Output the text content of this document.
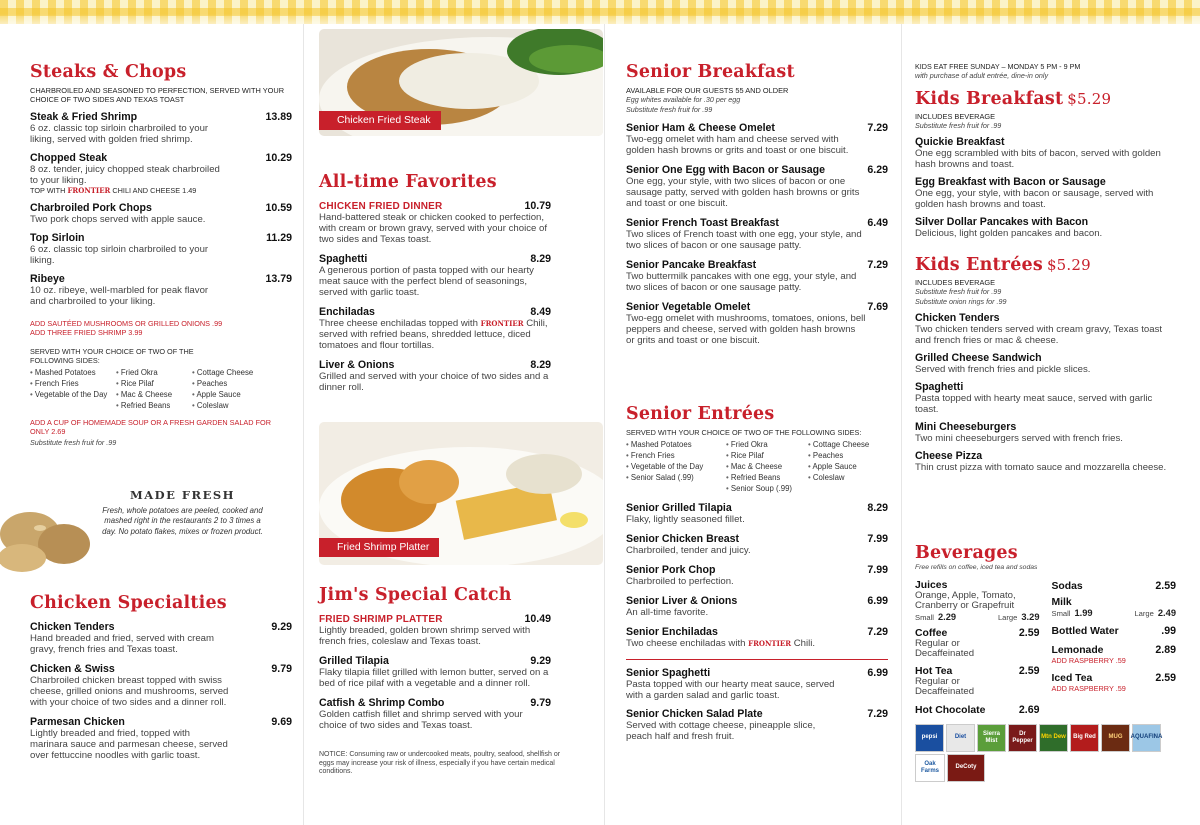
Steaks & Chops
CHARBROILED AND SEASONED TO PERFECTION, SERVED WITH YOUR CHOICE OF TWO SIDES AND TEXAS TOAST
Steak & Fried Shrimp	13.89
6 oz. classic top sirloin charbroiled to your liking, served with golden fried shrimp.
Chopped Steak	10.29
8 oz. tender, juicy chopped steak charbroiled to your liking.
TOP WITH FRONTIER CHILI AND CHEESE 1.49
Charbroiled Pork Chops	10.59
Two pork chops served with apple sauce.
Top Sirloin	11.29
6 oz. classic top sirloin charbroiled to your liking.
Ribeye	13.79
10 oz. ribeye, well-marbled for peak flavor and charbroiled to your liking.
ADD SAUTÉED MUSHROOMS OR GRILLED ONIONS .99
ADD THREE FRIED SHRIMP 3.99
SERVED WITH YOUR CHOICE OF TWO OF THE FOLLOWING SIDES:
• Mashed Potatoes	• Fried Okra	• Cottage Cheese
• French Fries	• Rice Pilaf	• Peaches
• Vegetable of the Day	• Mac & Cheese	• Apple Sauce
• Refried Beans	• Coleslaw
ADD A CUP OF HOMEMADE SOUP OR A FRESH GARDEN SALAD FOR ONLY 2.69
Substitute fresh fruit for .99
MADE FRESH
Fresh, whole potatoes are peeled, cooked and mashed right in the restaurants 2 to 3 times a day. No potato flakes, mixes or frozen product.
Chicken Specialties
Chicken Tenders	9.29
Hand breaded and fried, served with cream gravy, french fries and Texas toast.
Chicken & Swiss	9.79
Charbroiled chicken breast topped with swiss cheese, grilled onions and mushrooms, served with your choice of two sides and a dinner roll.
Parmesan Chicken	9.69
Lightly breaded and fried, topped with marinara sauce and parmesan cheese, served over fettuccine noodles with garlic toast.
Chicken Fried Steak
All-time Favorites
CHICKEN FRIED DINNER	10.79
Hand-battered steak or chicken cooked to perfection, with cream or brown gravy, served with your choice of two sides and Texas toast.
Spaghetti	8.29
A generous portion of pasta topped with our hearty meat sauce with the perfect blend of seasonings, served with garlic toast.
Enchiladas	8.49
Three cheese enchiladas topped with FRONTIER Chili, served with refried beans, shredded lettuce, diced tomatoes and flour tortillas.
Liver & Onions	8.29
Grilled and served with your choice of two sides and a dinner roll.
Fried Shrimp Platter
Jim's Special Catch
FRIED SHRIMP PLATTER	10.49
Lightly breaded, golden brown shrimp served with french fries, coleslaw and Texas toast.
Grilled Tilapia	9.29
Flaky tilapia fillet grilled with lemon butter, served on a bed of rice pilaf with a vegetable and a dinner roll.
Catfish & Shrimp Combo	9.79
Golden catfish fillet and shrimp served with your choice of two sides and Texas toast.
NOTICE: Consuming raw or undercooked meats, poultry, seafood, shellfish or eggs may increase your risk of illness, especially if you have certain medical conditions.
Senior Breakfast
AVAILABLE FOR OUR GUESTS 55 AND OLDER
Egg whites available for .30 per egg
Substitute fresh fruit for .99
Senior Ham & Cheese Omelet	7.29
Two-egg omelet with ham and cheese served with golden hash browns or grits and toast or one biscuit.
Senior One Egg with Bacon or Sausage	6.29
One egg, your style, with two slices of bacon or one sausage patty, served with golden hash browns or grits and toast or one biscuit.
Senior French Toast Breakfast	6.49
Two slices of French toast with one egg, your style, and two slices of bacon or one sausage patty.
Senior Pancake Breakfast	7.29
Two buttermilk pancakes with one egg, your style, and two slices of bacon or one sausage patty.
Senior Vegetable Omelet	7.69
Two-egg omelet with mushrooms, tomatoes, onions, bell peppers and cheese, served with golden hash browns or grits and toast or one biscuit.
Senior Entrées
SERVED WITH YOUR CHOICE OF TWO OF THE FOLLOWING SIDES:
• Mashed Potatoes	• Fried Okra	• Cottage Cheese
• French Fries	• Rice Pilaf	• Peaches
• Vegetable of the Day	• Mac & Cheese	• Apple Sauce
• Senior Salad (.99)	• Refried Beans	• Coleslaw
• Senior Soup (.99)
Senior Grilled Tilapia	8.29
Flaky, lightly seasoned fillet.
Senior Chicken Breast	7.99
Charbroiled, tender and juicy.
Senior Pork Chop	7.99
Charbroiled to perfection.
Senior Liver & Onions	6.99
An all-time favorite.
Senior Enchiladas	7.29
Two cheese enchiladas with FRONTIER Chili.
Senior Spaghetti	6.99
Pasta topped with our hearty meat sauce, served with a garden salad and garlic toast.
Senior Chicken Salad Plate	7.29
Served with cottage cheese, pineapple slice, peach half and fresh fruit.
KIDS EAT FREE SUNDAY – MONDAY 5 PM - 9 PM
with purchase of adult entrée, dine-in only
Kids Breakfast $5.29
INCLUDES BEVERAGE
Substitute fresh fruit for .99
Quickie Breakfast
One egg scrambled with bits of bacon, served with golden hash browns and toast.
Egg Breakfast with Bacon or Sausage
One egg, your style, with bacon or sausage, served with golden hash browns and toast.
Silver Dollar Pancakes with Bacon
Delicious, light golden pancakes and bacon.
Kids Entrées $5.29
INCLUDES BEVERAGE
Substitute fresh fruit for .99
Substitute onion rings for .99
Chicken Tenders
Two chicken tenders served with cream gravy, Texas toast and french fries or mac & cheese.
Grilled Cheese Sandwich
Served with french fries and pickle slices.
Spaghetti
Pasta topped with hearty meat sauce, served with garlic toast.
Mini Cheeseburgers
Two mini cheeseburgers served with french fries.
Cheese Pizza
Thin crust pizza with tomato sauce and mozzarella cheese.
Beverages
Free refills on coffee, iced tea and sodas
Juices
Orange, Apple, Tomato, Cranberry or Grapefruit
Small 2.29	Large 3.29
Coffee	2.59
Regular or Decaffeinated
Hot Tea	2.59
Regular or Decaffeinated
Hot Chocolate	2.69
Sodas	2.59
Milk
Small 1.99	Large 2.49
Bottled Water	.99
Lemonade	2.89
ADD RASPBERRY .59
Iced Tea	2.59
ADD RASPBERRY .59
pepsi	Diet
Sierra Mist
Dr Pepper
Mtn Dew	Big Red	MUG	AQUAFINA
Oak Farms
DeCoty
